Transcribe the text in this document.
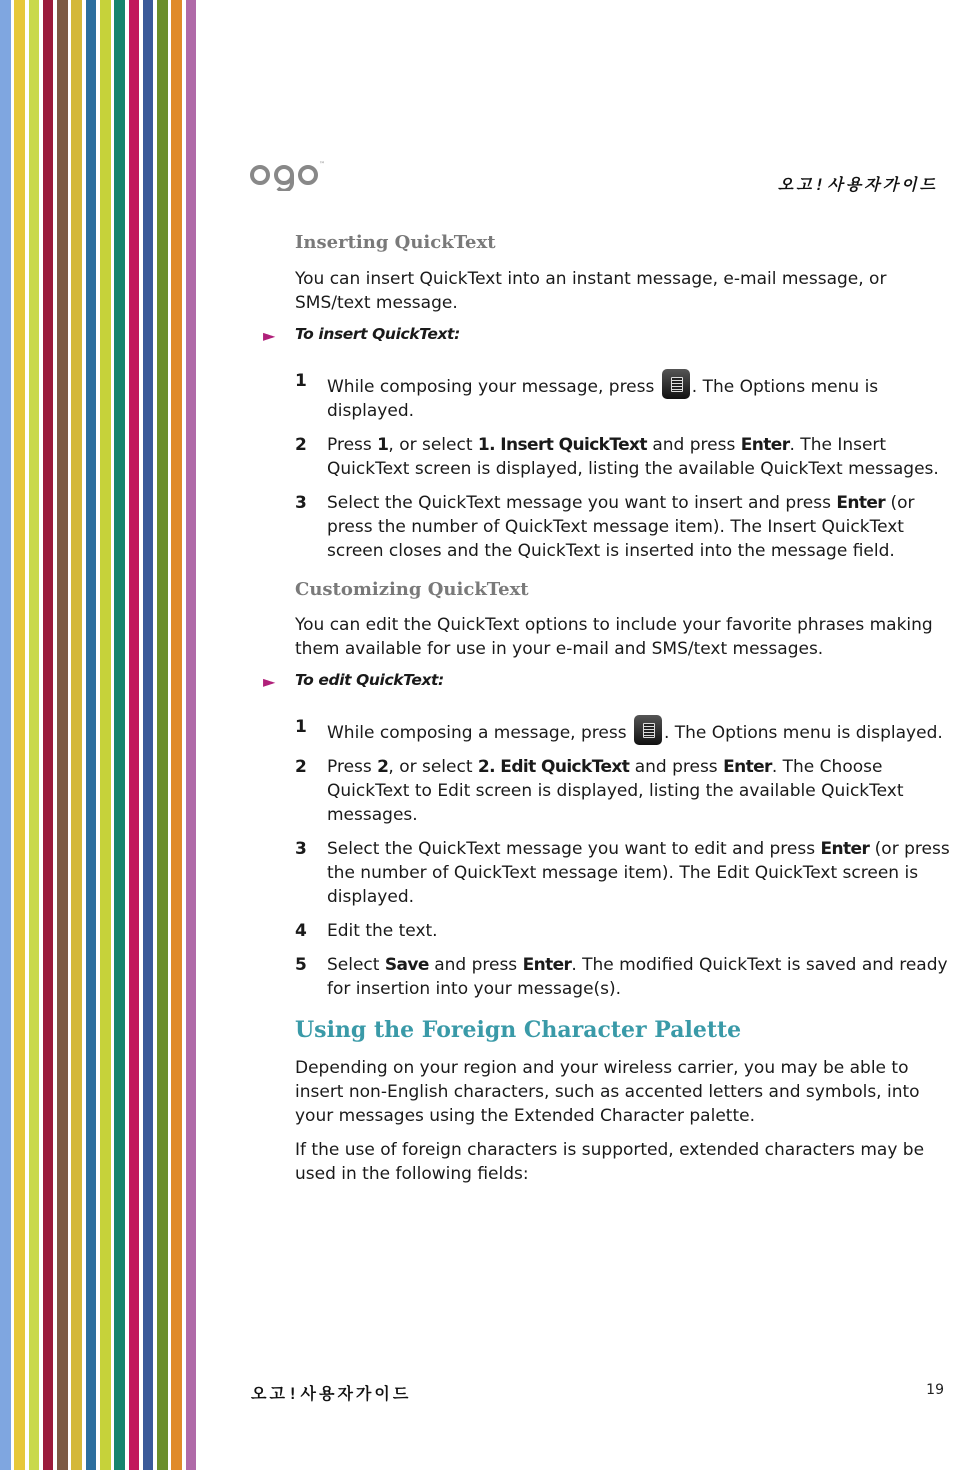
™
오고!사용자가이드
Inserting QuickText

You can insert QuickText into an instant message, e-mail message, or SMS/text message.

► To insert QuickText:
1 While composing your message, press . The Options menu is displayed.
2 Press 1, or select 1. Insert QuickText and press Enter. The Insert QuickText screen is displayed, listing the available QuickText messages.
3 Select the QuickText message you want to insert and press Enter (or press the number of QuickText message item). The Insert QuickText screen closes and the QuickText is inserted into the message field.
Customizing QuickText

You can edit the QuickText options to include your favorite phrases making them available for use in your e-mail and SMS/text messages.

► To edit QuickText:
1 While composing a message, press . The Options menu is displayed.
2 Press 2, or select 2. Edit QuickText and press Enter. The Choose QuickText to Edit screen is displayed, listing the available QuickText messages.
3 Select the QuickText message you want to edit and press Enter (or press the number of QuickText message item). The Edit QuickText screen is displayed.
4 Edit the text.
5 Select Save and press Enter. The modified QuickText is saved and ready for insertion into your message(s).
Using the Foreign Character Palette

Depending on your region and your wireless carrier, you may be able to insert non-English characters, such as accented letters and symbols, into your messages using the Extended Character palette.

If the use of foreign characters is supported, extended characters may be used in the following fields:

오고!사용자가이드	19
